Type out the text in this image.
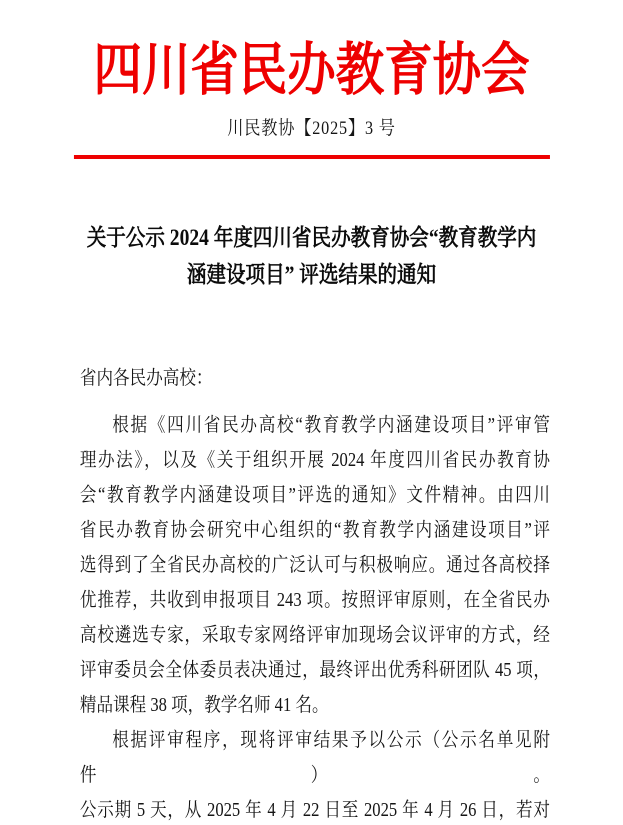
四川省民办教育协会
川民教协【2025】3 号
关于公示 2024 年度四川省民办教育协会“教育教学内
涵建设项目” 评选结果的通知
省内各民办高校：
根据《四川省民办高校“教育教学内涵建设项目”评审管
理办法》，以及《关于组织开展 2024 年度四川省民办教育协
会“教育教学内涵建设项目”评选的通知》文件精神。由四川
省民办教育协会研究中心组织的“教育教学内涵建设项目”评
选得到了全省民办高校的广泛认可与积极响应。通过各高校择
优推荐，共收到申报项目 243 项。按照评审原则，在全省民办
高校遴选专家，采取专家网络评审加现场会议评审的方式，经
评审委员会全体委员表决通过，最终评出优秀科研团队 45 项，
精品课程 38 项，教学名师 41 名。
根据评审程序，现将评审结果予以公示（公示名单见附件）。
公示期 5 天，从 2025 年 4 月 22 日至 2025 年 4 月 26 日，若对
